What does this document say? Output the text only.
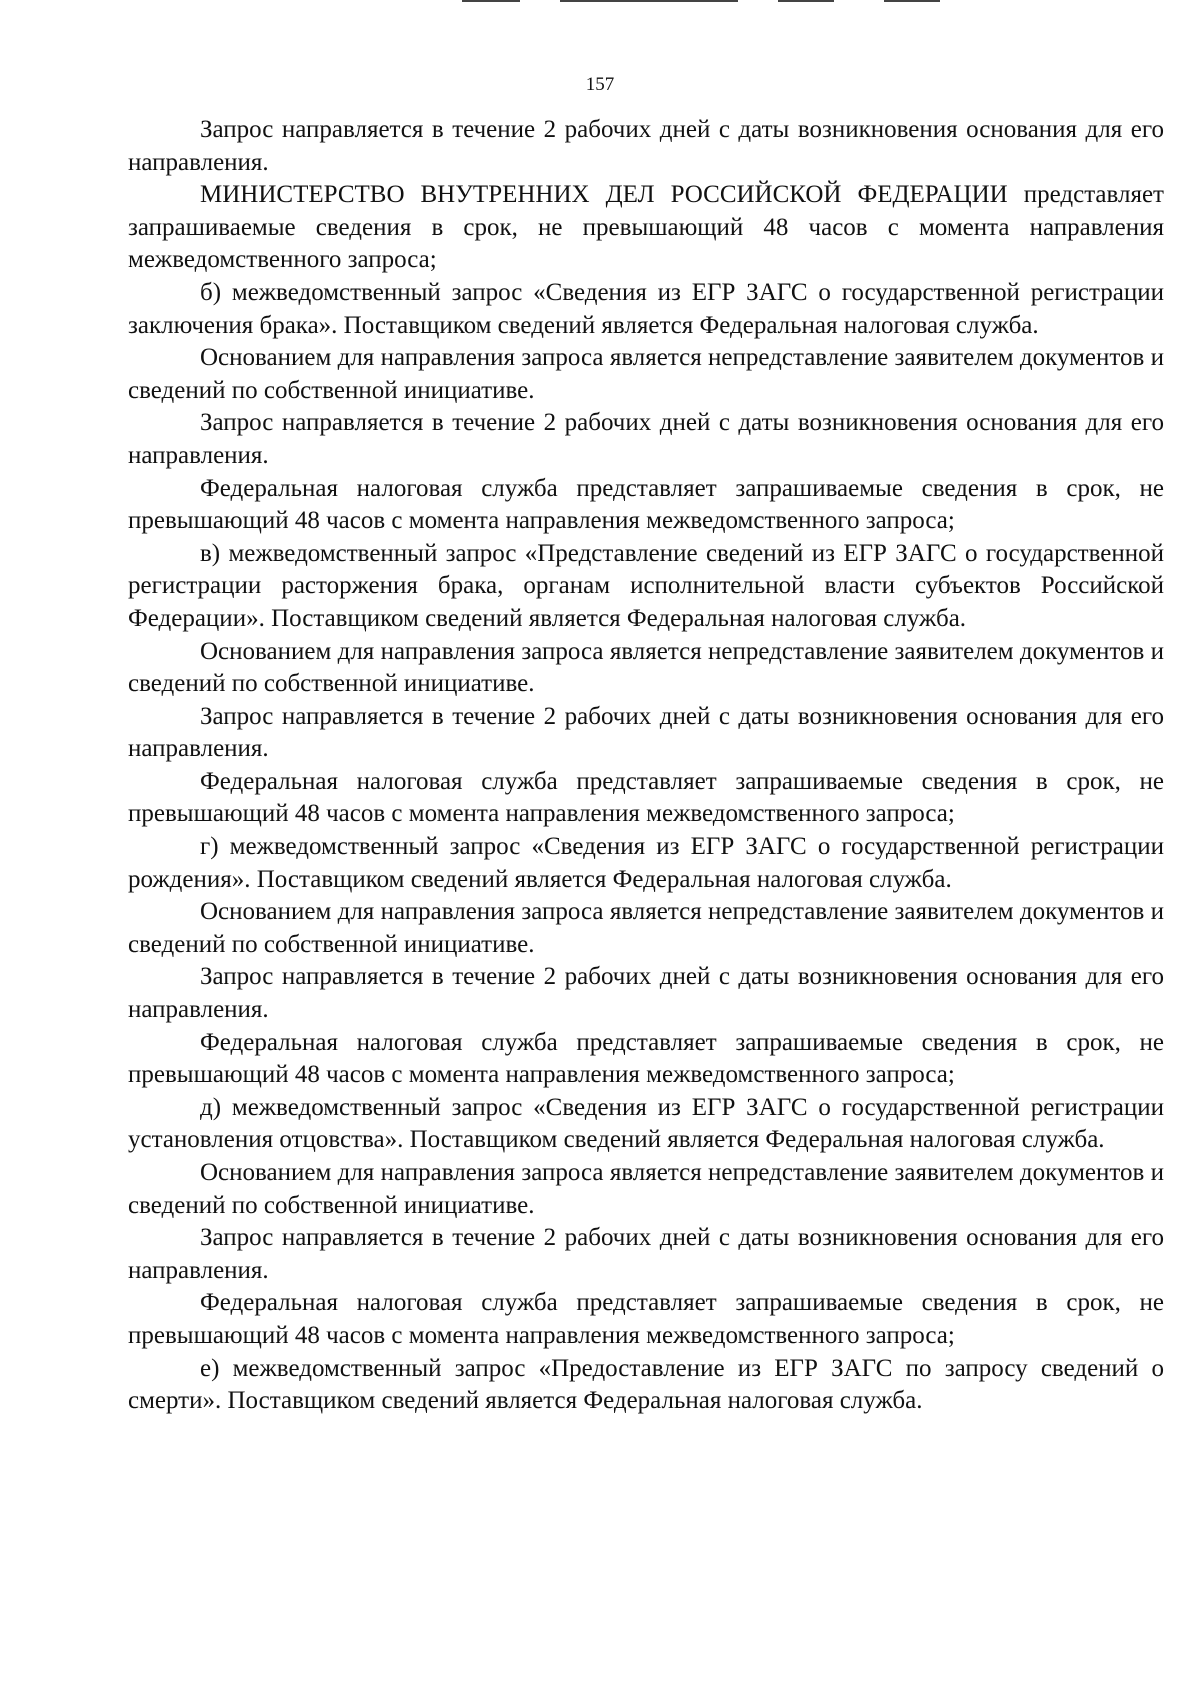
157

Запрос направляется в течение 2 рабочих дней с даты возникновения основания для его направления.

МИНИСТЕРСТВО ВНУТРЕННИХ ДЕЛ РОССИЙСКОЙ ФЕДЕРАЦИИ представляет запрашиваемые сведения в срок, не превышающий 48 часов с момента направления межведомственного запроса;

б) межведомственный запрос «Сведения из ЕГР ЗАГС о государственной регистрации заключения брака». Поставщиком сведений является Федеральная налоговая служба.

Основанием для направления запроса является непредставление заявителем документов и сведений по собственной инициативе.

Запрос направляется в течение 2 рабочих дней с даты возникновения основания для его направления.

Федеральная налоговая служба представляет запрашиваемые сведения в срок, не превышающий 48 часов с момента направления межведомственного запроса;

в) межведомственный запрос «Представление сведений из ЕГР ЗАГС о государственной регистрации расторжения брака, органам исполнительной власти субъектов Российской Федерации». Поставщиком сведений является Федеральная налоговая служба.

Основанием для направления запроса является непредставление заявителем документов и сведений по собственной инициативе.

Запрос направляется в течение 2 рабочих дней с даты возникновения основания для его направления.

Федеральная налоговая служба представляет запрашиваемые сведения в срок, не превышающий 48 часов с момента направления межведомственного запроса;

г) межведомственный запрос «Сведения из ЕГР ЗАГС о государственной регистрации рождения». Поставщиком сведений является Федеральная налоговая служба.

Основанием для направления запроса является непредставление заявителем документов и сведений по собственной инициативе.

Запрос направляется в течение 2 рабочих дней с даты возникновения основания для его направления.

Федеральная налоговая служба представляет запрашиваемые сведения в срок, не превышающий 48 часов с момента направления межведомственного запроса;

д) межведомственный запрос «Сведения из ЕГР ЗАГС о государственной регистрации установления отцовства». Поставщиком сведений является Федеральная налоговая служба.

Основанием для направления запроса является непредставление заявителем документов и сведений по собственной инициативе.

Запрос направляется в течение 2 рабочих дней с даты возникновения основания для его направления.

Федеральная налоговая служба представляет запрашиваемые сведения в срок, не превышающий 48 часов с момента направления межведомственного запроса;

е) межведомственный запрос «Предоставление из ЕГР ЗАГС по запросу сведений о смерти». Поставщиком сведений является Федеральная налоговая служба.
